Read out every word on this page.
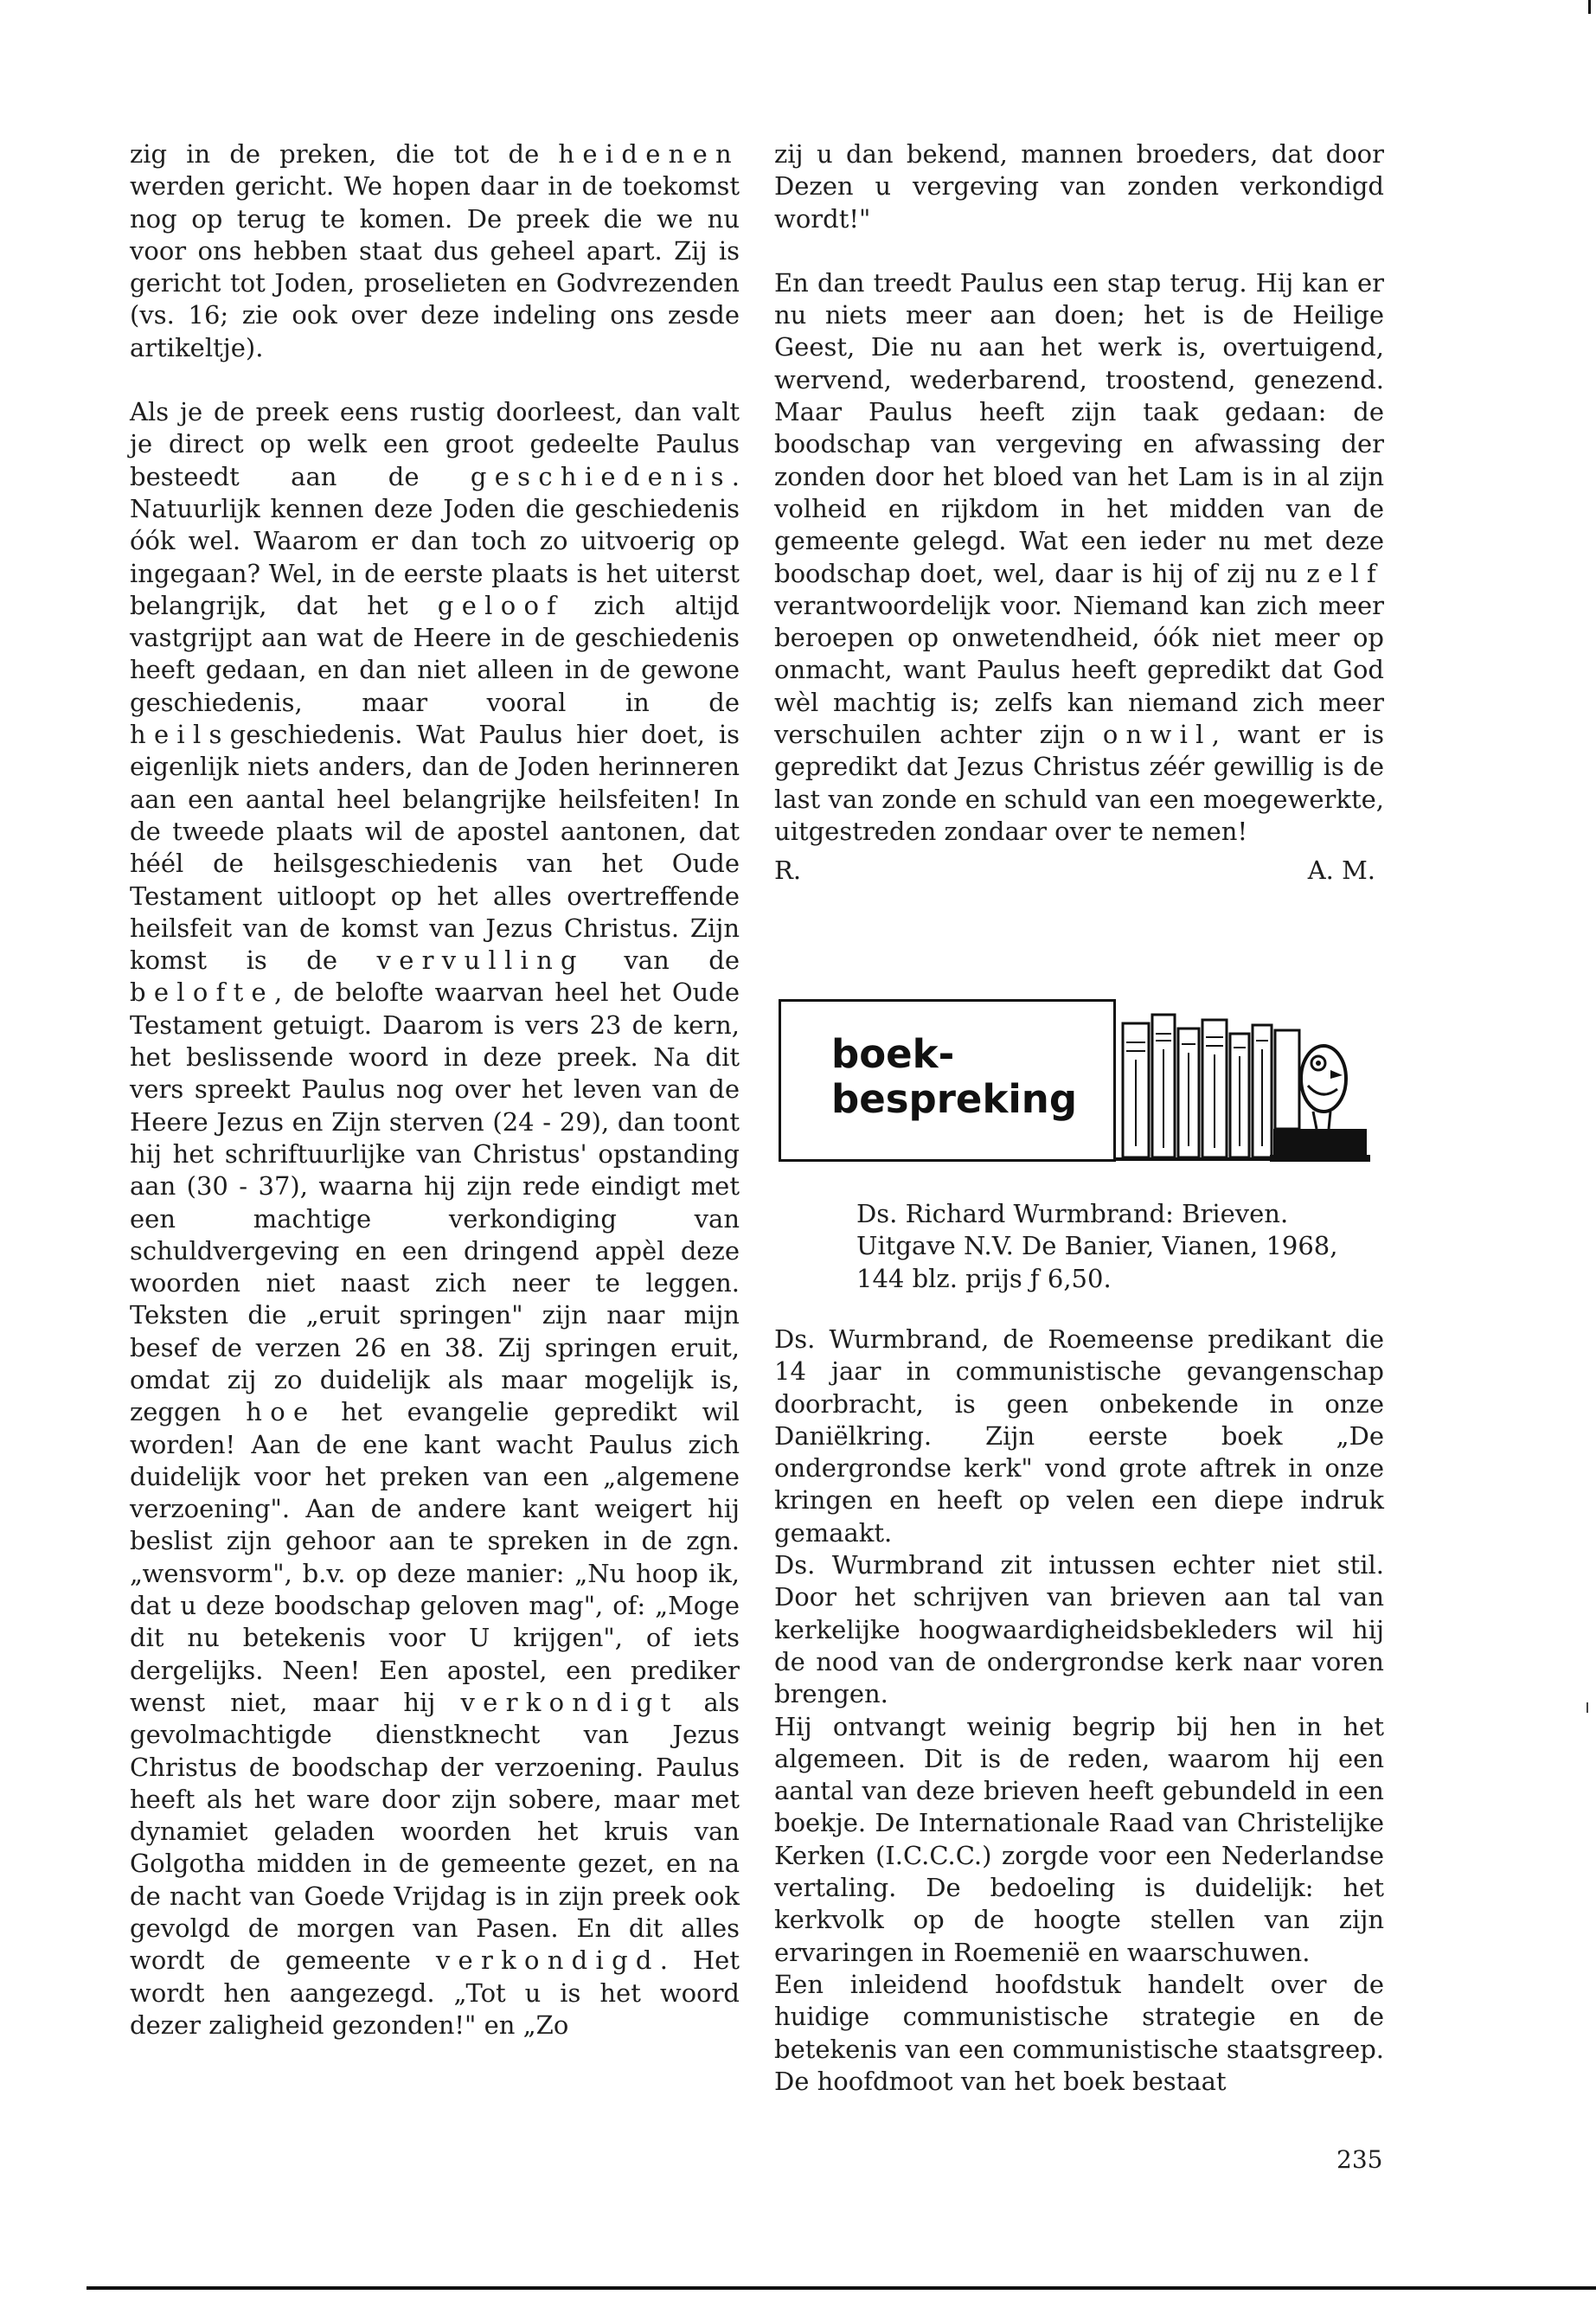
zig in de preken, die tot de heidenen werden gericht. We hopen daar in de toekomst nog op terug te komen. De preek die we nu voor ons hebben staat dus geheel apart. Zij is gericht tot Joden, proselieten en Godvrezenden (vs. 16; zie ook over deze indeling ons zesde artikeltje).

Als je de preek eens rustig doorleest, dan valt je direct op welk een groot gedeelte Paulus besteedt aan de geschiedenis. Natuurlijk kennen deze Joden die geschiedenis óók wel. Waarom er dan toch zo uitvoerig op ingegaan? Wel, in de eerste plaats is het uiterst belangrijk, dat het geloof zich altijd vastgrijpt aan wat de Heere in de geschiedenis heeft gedaan, en dan niet alleen in de gewone geschiedenis, maar vooral in de heilsgeschiedenis. Wat Paulus hier doet, is eigenlijk niets anders, dan de Joden herinneren aan een aantal heel belangrijke heilsfeiten! In de tweede plaats wil de apostel aantonen, dat héél de heilsgeschiedenis van het Oude Testament uitloopt op het alles overtreffende heilsfeit van de komst van Jezus Christus. Zijn komst is de vervulling van de belofte, de belofte waarvan heel het Oude Testament getuigt. Daarom is vers 23 de kern, het beslissende woord in deze preek. Na dit vers spreekt Paulus nog over het leven van de Heere Jezus en Zijn sterven (24 - 29), dan toont hij het schriftuurlijke van Christus' opstanding aan (30 - 37), waarna hij zijn rede eindigt met een machtige verkondiging van schuldvergeving en een dringend appèl deze woorden niet naast zich neer te leggen. Teksten die „eruit springen" zijn naar mijn besef de verzen 26 en 38. Zij springen eruit, omdat zij zo duidelijk als maar mogelijk is, zeggen hoe het evangelie gepredikt wil worden! Aan de ene kant wacht Paulus zich duidelijk voor het preken van een „algemene verzoening". Aan de andere kant weigert hij beslist zijn gehoor aan te spreken in de zgn. „wensvorm", b.v. op deze manier: „Nu hoop ik, dat u deze boodschap geloven mag", of: „Moge dit nu betekenis voor U krijgen", of iets dergelijks. Neen! Een apostel, een prediker wenst niet, maar hij verkondigt als gevolmachtigde dienstknecht van Jezus Christus de boodschap der verzoening. Paulus heeft als het ware door zijn sobere, maar met dynamiet geladen woorden het kruis van Golgotha midden in de gemeente gezet, en na de nacht van Goede Vrijdag is in zijn preek ook gevolgd de morgen van Pasen. En dit alles wordt de gemeente verkondigd. Het wordt hen aangezegd. „Tot u is het woord dezer zaligheid gezonden!" en „Zo

zij u dan bekend, mannen broeders, dat door Dezen u vergeving van zonden verkondigd wordt!"

En dan treedt Paulus een stap terug. Hij kan er nu niets meer aan doen; het is de Heilige Geest, Die nu aan het werk is, overtuigend, wervend, wederbarend, troostend, genezend. Maar Paulus heeft zijn taak gedaan: de boodschap van vergeving en afwassing der zonden door het bloed van het Lam is in al zijn volheid en rijkdom in het midden van de gemeente gelegd. Wat een ieder nu met deze boodschap doet, wel, daar is hij of zij nu zelf verantwoordelijk voor. Niemand kan zich meer beroepen op onwetendheid, óók niet meer op onmacht, want Paulus heeft gepredikt dat God wèl machtig is; zelfs kan niemand zich meer verschuilen achter zijn onwil, want er is gepredikt dat Jezus Christus zéér gewillig is de last van zonde en schuld van een moegewerkte, uitgestreden zondaar over te nemen!

R.	A. M.
boek-
bespreking

Ds. Richard Wurmbrand: Brieven. Uitgave N.V. De Banier, Vianen, 1968, 144 blz. prijs ƒ 6,50.

Ds. Wurmbrand, de Roemeense predikant die 14 jaar in communistische gevangenschap doorbracht, is geen onbekende in onze Daniëlkring. Zijn eerste boek „De ondergrondse kerk" vond grote aftrek in onze kringen en heeft op velen een diepe indruk gemaakt.

Ds. Wurmbrand zit intussen echter niet stil. Door het schrijven van brieven aan tal van kerkelijke hoogwaardigheidsbekleders wil hij de nood van de ondergrondse kerk naar voren brengen.

Hij ontvangt weinig begrip bij hen in het algemeen. Dit is de reden, waarom hij een aantal van deze brieven heeft gebundeld in een boekje. De Internationale Raad van Christelijke Kerken (I.C.C.C.) zorgde voor een Nederlandse vertaling. De bedoeling is duidelijk: het kerkvolk op de hoogte stellen van zijn ervaringen in Roemenië en waarschuwen.

Een inleidend hoofdstuk handelt over de huidige communistische strategie en de betekenis van een communistische staatsgreep. De hoofdmoot van het boek bestaat

235
